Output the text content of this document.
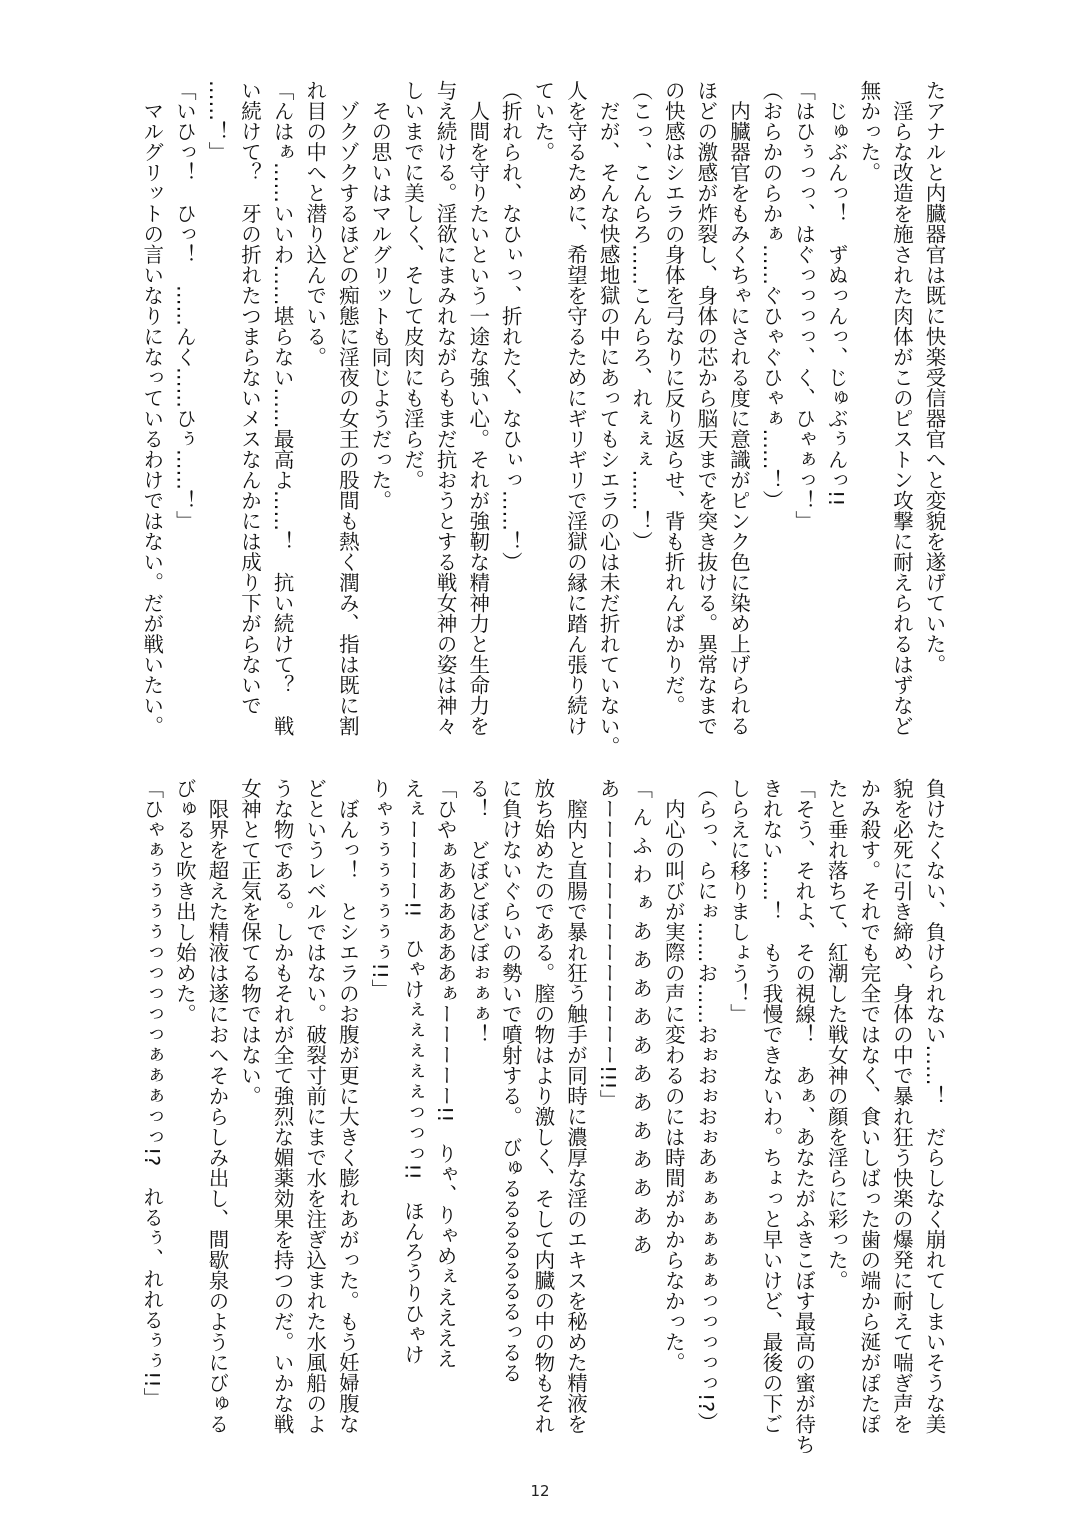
たアナルと内臓器官は既に快楽受信器官へと変貌を遂げていた。
　淫らな改造を施された肉体がこのピストン攻撃に耐えられるはずなど
無かった。
　じゅぶんっ！　ずぬっんっ、じゅぶぅんっ!!
「はひぅっっ、はぐっっっっ、く、ひゃぁっ！」
（おらかのらかぁ……ぐひゃぐひゃぁ……！）
　内臓器官をもみくちゃにされる度に意識がピンク色に染め上げられる
ほどの激感が炸裂し、身体の芯から脳天までを突き抜ける。異常なまで
の快感はシエラの身体を弓なりに反り返らせ、背も折れんばかりだ。
（こっ、こんらろ……こんらろ、れぇぇぇ……！）
　だが、そんな快感地獄の中にあってもシエラの心は未だ折れていない。
人を守るために、希望を守るためにギリギリで淫獄の縁に踏ん張り続け
ていた。
（折れられ、なひぃっ、折れたく、なひぃっ……！）
　人間を守りたいという一途な強い心。それが強靭な精神力と生命力を
与え続ける。淫欲にまみれながらもまだ抗おうとする戦女神の姿は神々
しいまでに美しく、そして皮肉にも淫らだ。
　その思いはマルグリットも同じようだった。
　ゾクゾクするほどの痴態に淫夜の女王の股間も熱く潤み、指は既に割
れ目の中へと潜り込んでいる。
「んはぁ……いいわ……堪らない……最高よ……！　抗い続けて？　戦
い続けて？　牙の折れたつまらないメスなんかには成り下がらないで
……！」
「いひっ！　ひっ！　……んく……ひぅ……！」
　マルグリットの言いなりになっているわけではない。だが戦いたい。
負けたくない、負けられない……！　だらしなく崩れてしまいそうな美
貌を必死に引き締め、身体の中で暴れ狂う快楽の爆発に耐えて喘ぎ声を
かみ殺す。それでも完全ではなく、食いしばった歯の端から涎がぽたぽ
たと垂れ落ちて、紅潮した戦女神の顔を淫らに彩った。
「そう、それよ、その視線！　あぁ、あなたがふきこぼす最高の蜜が待ち
きれない……！　もう我慢できないわ。ちょっと早いけど、最後の下ご
しらえに移りましょう！」
（らっ、らにぉ……お……おぉおぉおぉあぁぁぁぁぁぁっっっっっ!?）
　内心の叫びが実際の声に変わるのには時間がかからなかった。
「んふわぁああああああああああああ
あーーーーーーーーーーーーー!!!」
　膣内と直腸で暴れ狂う触手が同時に濃厚な淫のエキスを秘めた精液を
放ち始めたのである。膣の物はより激しく、そして内臓の中の物もそれ
に負けないぐらいの勢いで噴射する。　びゅるるるるるるるっるる
る！　どぼどぼどぼぉぁぁ！
「ひやぁああああああぁーーーーー!!　りゃ、りゃめぇええええ
えぇーーーー!!　ひゃけぇぇぇぇぇっっっ!!　ほんろうりひゃけ
りゃぅぅぅぅぅぅぅ!!」
　ぼんっ！　とシエラのお腹が更に大きく膨れあがった。もう妊婦腹な
どというレベルではない。破裂寸前にまで水を注ぎ込まれた水風船のよ
うな物である。しかもそれが全て強烈な媚薬効果を持つのだ。いかな戦
女神とて正気を保てる物ではない。
　限界を超えた精液は遂におへそからしみ出し、間歇泉のようにびゅる
びゅると吹き出し始めた。
「ひゃぁぅぅぅぅっっっっっぁぁぁっっ!?　れるぅ、れれるぅぅ!!」
12
